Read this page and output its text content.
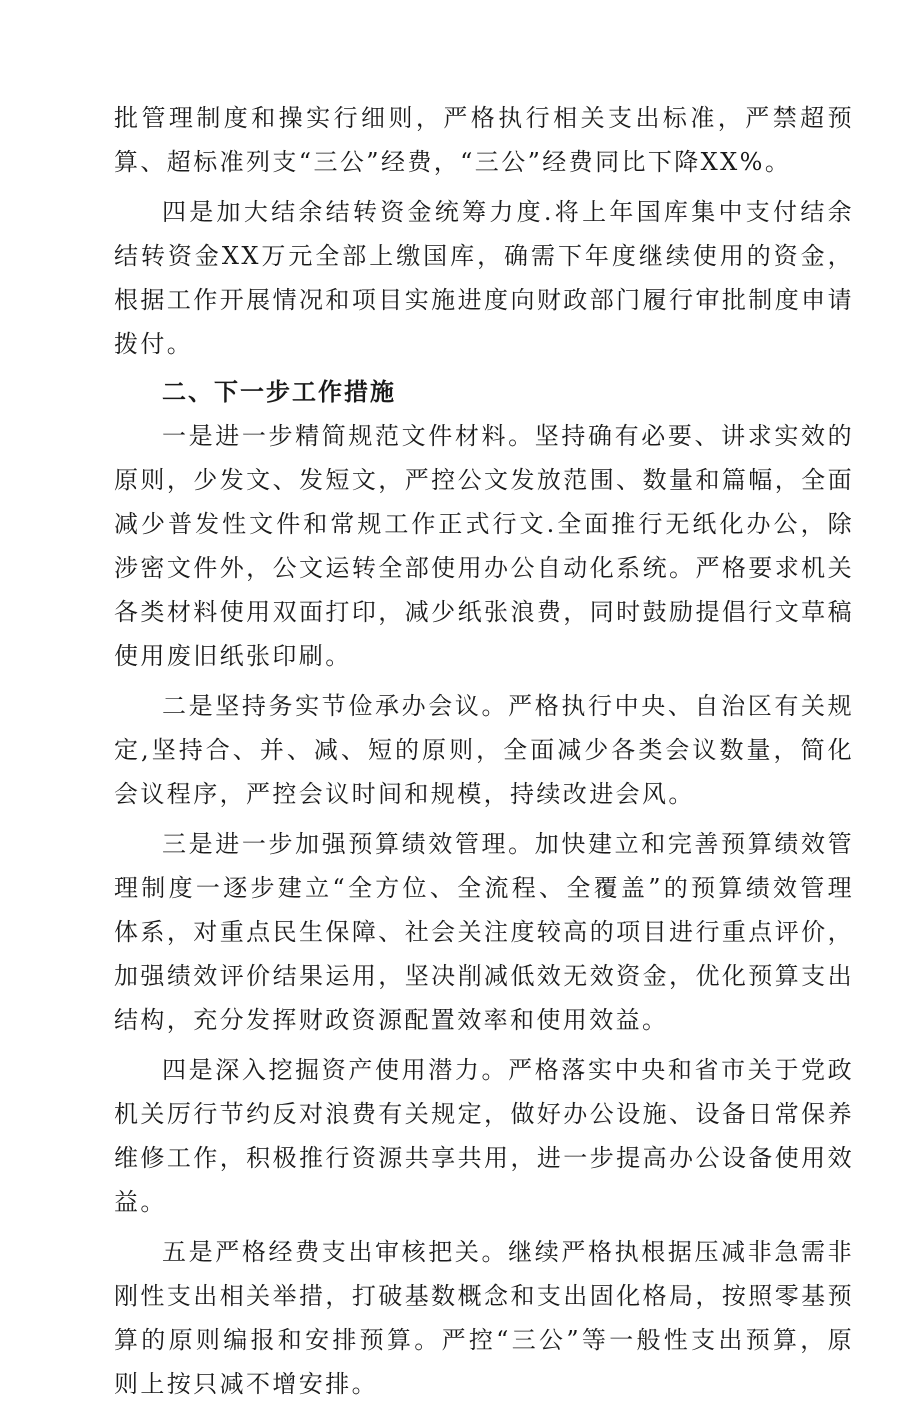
批管理制度和操实行细则，严格执行相关支出标准，严禁超预算、超标准列支“三公”经费，“三公”经费同比下降XX%。

四是加大结余结转资金统筹力度.将上年国库集中支付结余结转资金XX万元全部上缴国库，确需下年度继续使用的资金，根据工作开展情况和项目实施进度向财政部门履行审批制度申请拨付。

二、下一步工作措施

一是进一步精简规范文件材料。坚持确有必要、讲求实效的原则，少发文、发短文，严控公文发放范围、数量和篇幅，全面减少普发性文件和常规工作正式行文.全面推行无纸化办公，除涉密文件外，公文运转全部使用办公自动化系统。严格要求机关各类材料使用双面打印，减少纸张浪费，同时鼓励提倡行文草稿使用废旧纸张印刷。

二是坚持务实节俭承办会议。严格执行中央、自治区有关规定,坚持合、并、减、短的原则，全面减少各类会议数量，简化会议程序，严控会议时间和规模，持续改进会风。

三是进一步加强预算绩效管理。加快建立和完善预算绩效管理制度一逐步建立“全方位、全流程、全覆盖”的预算绩效管理体系，对重点民生保障、社会关注度较高的项目进行重点评价，加强绩效评价结果运用，坚决削减低效无效资金，优化预算支出结构，充分发挥财政资源配置效率和使用效益。

四是深入挖掘资产使用潜力。严格落实中央和省市关于党政机关厉行节约反对浪费有关规定，做好办公设施、设备日常保养维修工作，积极推行资源共享共用，进一步提高办公设备使用效益。

五是严格经费支出审核把关。继续严格执根据压减非急需非刚性支出相关举措，打破基数概念和支出固化格局，按照零基预算的原则编报和安排预算。严控“三公”等一般性支出预算，原则上按只减不增安排。
